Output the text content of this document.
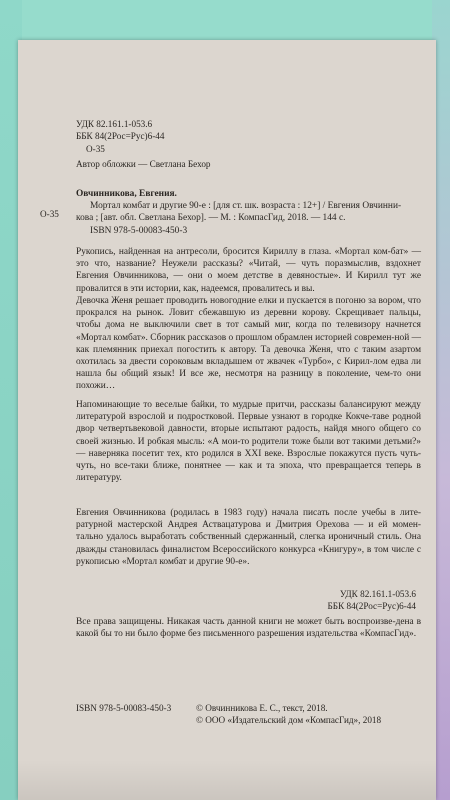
УДК 82.161.1-053.6
ББК 84(2Рос=Рус)6-44
О-35
Автор обложки — Светлана Бехор
О-35
Овчинникова, Евгения.
Мортал комбат и другие 90-е : [для ст. шк. возраста : 12+] / Евгения Овчинни-
кова ; [авт. обл. Светлана Бехор]. — М. : КомпасГид, 2018. — 144 с.
ISBN 978-5-00083-450-3
Рукопись, найденная на антресоли, бросится Кириллу в глаза. «Мортал ком-бат» — это что, название? Неужели рассказы? «Читай, — чуть поразмыслив, вздохнет Евгения Овчинникова, — они о моем детстве в девяностые». И Кирилл тут же провалится в эти истории, как, надеемся, провалитесь и вы.
Девочка Женя решает проводить новогодние елки и пускается в погоню за вором, что прокрался на рынок. Ловит сбежавшую из деревни корову. Скрещивает пальцы, чтобы дома не выключили свет в тот самый миг, когда по телевизору начнется «Мортал комбат». Сборник рассказов о прошлом обрамлен историей современ-ной — как племянник приехал погостить к автору. Та девочка Женя, что с таким азартом охотилась за двести сороковым вкладышем от жвачек «Турбо», с Кирил-лом едва ли нашла бы общий язык! И все же, несмотря на разницу в поколение, чем-то они похожи…
Напоминающие то веселые байки, то мудрые притчи, рассказы балансируют между литературой взрослой и подростковой. Первые узнают в городке Кокче-таве родной двор четвертьвековой давности, вторые испытают радость, найдя много общего со своей жизнью. И робкая мысль: «А мои-то родители тоже были вот такими детьми?» — наверняка посетит тех, кто родился в XXI веке. Взрослые покажутся пусть чуть-чуть, но все-таки ближе, понятнее — как и та эпоха, что превращается теперь в литературу.
Евгения Овчинникова (родилась в 1983 году) начала писать после учебы в лите-ратурной мастерской Андрея Аствацатурова и Дмитрия Орехова — и ей момен-тально удалось выработать собственный сдержанный, слегка ироничный стиль. Она дважды становилась финалистом Всероссийского конкурса «Книгуру», в том числе с рукописью «Мортал комбат и другие 90-е».
УДК 82.161.1-053.6
ББК 84(2Рос=Рус)6-44
Все права защищены. Никакая часть данной книги не может быть воспроизве-дена в какой бы то ни было форме без письменного разрешения издательства «КомпасГид».
ISBN 978-5-00083-450-3	© Овчинникова Е. С., текст, 2018.
© ООО «Издательский дом «КомпасГид», 2018
